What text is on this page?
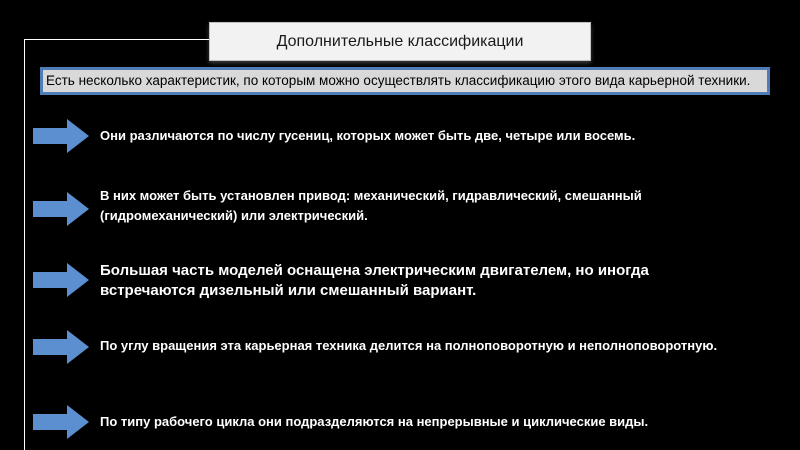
Дополнительные классификации
Есть несколько характеристик, по которым можно осуществлять классификацию этого вида карьерной техники.
Они различаются по числу гусениц, которых может быть две, четыре или восемь.
В них может быть установлен привод: механический, гидравлический, смешанный (гидромеханический) или электрический.
Большая часть моделей оснащена электрическим двигателем, но иногда встречаются дизельный или смешанный вариант.
По углу вращения эта карьерная техника делится на полноповоротную и неполноповоротную.
По типу рабочего цикла они подразделяются на непрерывные и циклические виды.
